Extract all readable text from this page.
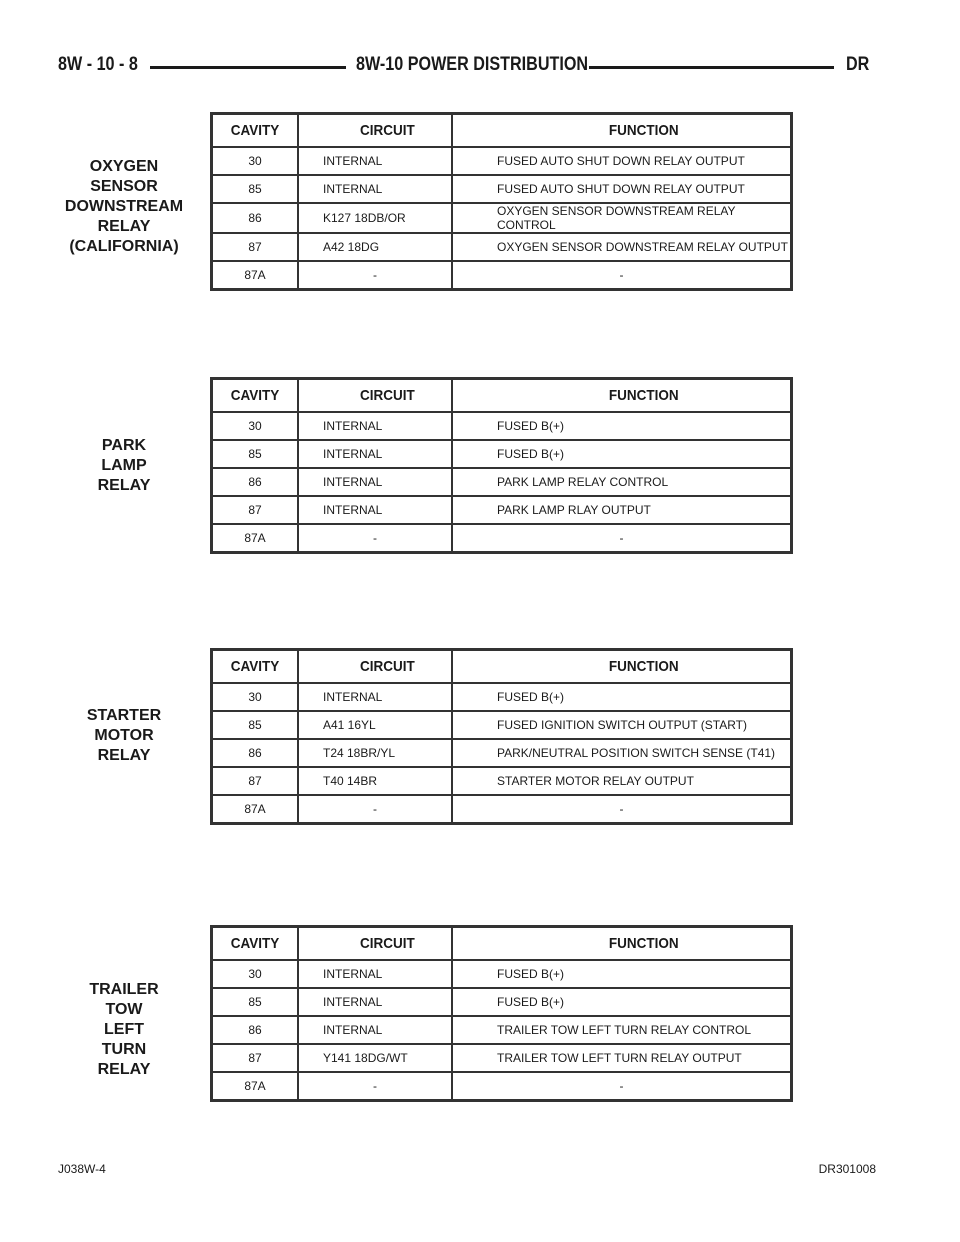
8W - 10 - 8	8W-10 POWER DISTRIBUTION	DR
OXYGEN
SENSOR
DOWNSTREAM
RELAY
(CALIFORNIA)
CAVITY	CIRCUIT	FUNCTION
30	INTERNAL	FUSED AUTO SHUT DOWN RELAY OUTPUT
85	INTERNAL	FUSED AUTO SHUT DOWN RELAY OUTPUT
86	K127 18DB/OR	OXYGEN SENSOR DOWNSTREAM RELAY CONTROL
87	A42 18DG	OXYGEN SENSOR DOWNSTREAM RELAY OUTPUT
87A	-	-
PARK
LAMP
RELAY
CAVITY	CIRCUIT	FUNCTION
30	INTERNAL	FUSED B(+)
85	INTERNAL	FUSED B(+)
86	INTERNAL	PARK LAMP RELAY CONTROL
87	INTERNAL	PARK LAMP RLAY OUTPUT
87A	-	-
STARTER
MOTOR
RELAY
CAVITY	CIRCUIT	FUNCTION
30	INTERNAL	FUSED B(+)
85	A41 16YL	FUSED IGNITION SWITCH OUTPUT (START)
86	T24 18BR/YL	PARK/NEUTRAL POSITION SWITCH SENSE (T41)
87	T40 14BR	STARTER MOTOR RELAY OUTPUT
87A	-	-
TRAILER
TOW
LEFT
TURN
RELAY
CAVITY	CIRCUIT	FUNCTION
30	INTERNAL	FUSED B(+)
85	INTERNAL	FUSED B(+)
86	INTERNAL	TRAILER TOW LEFT TURN RELAY CONTROL
87	Y141 18DG/WT	TRAILER TOW LEFT TURN RELAY OUTPUT
87A	-	-
J038W-4	DR301008
